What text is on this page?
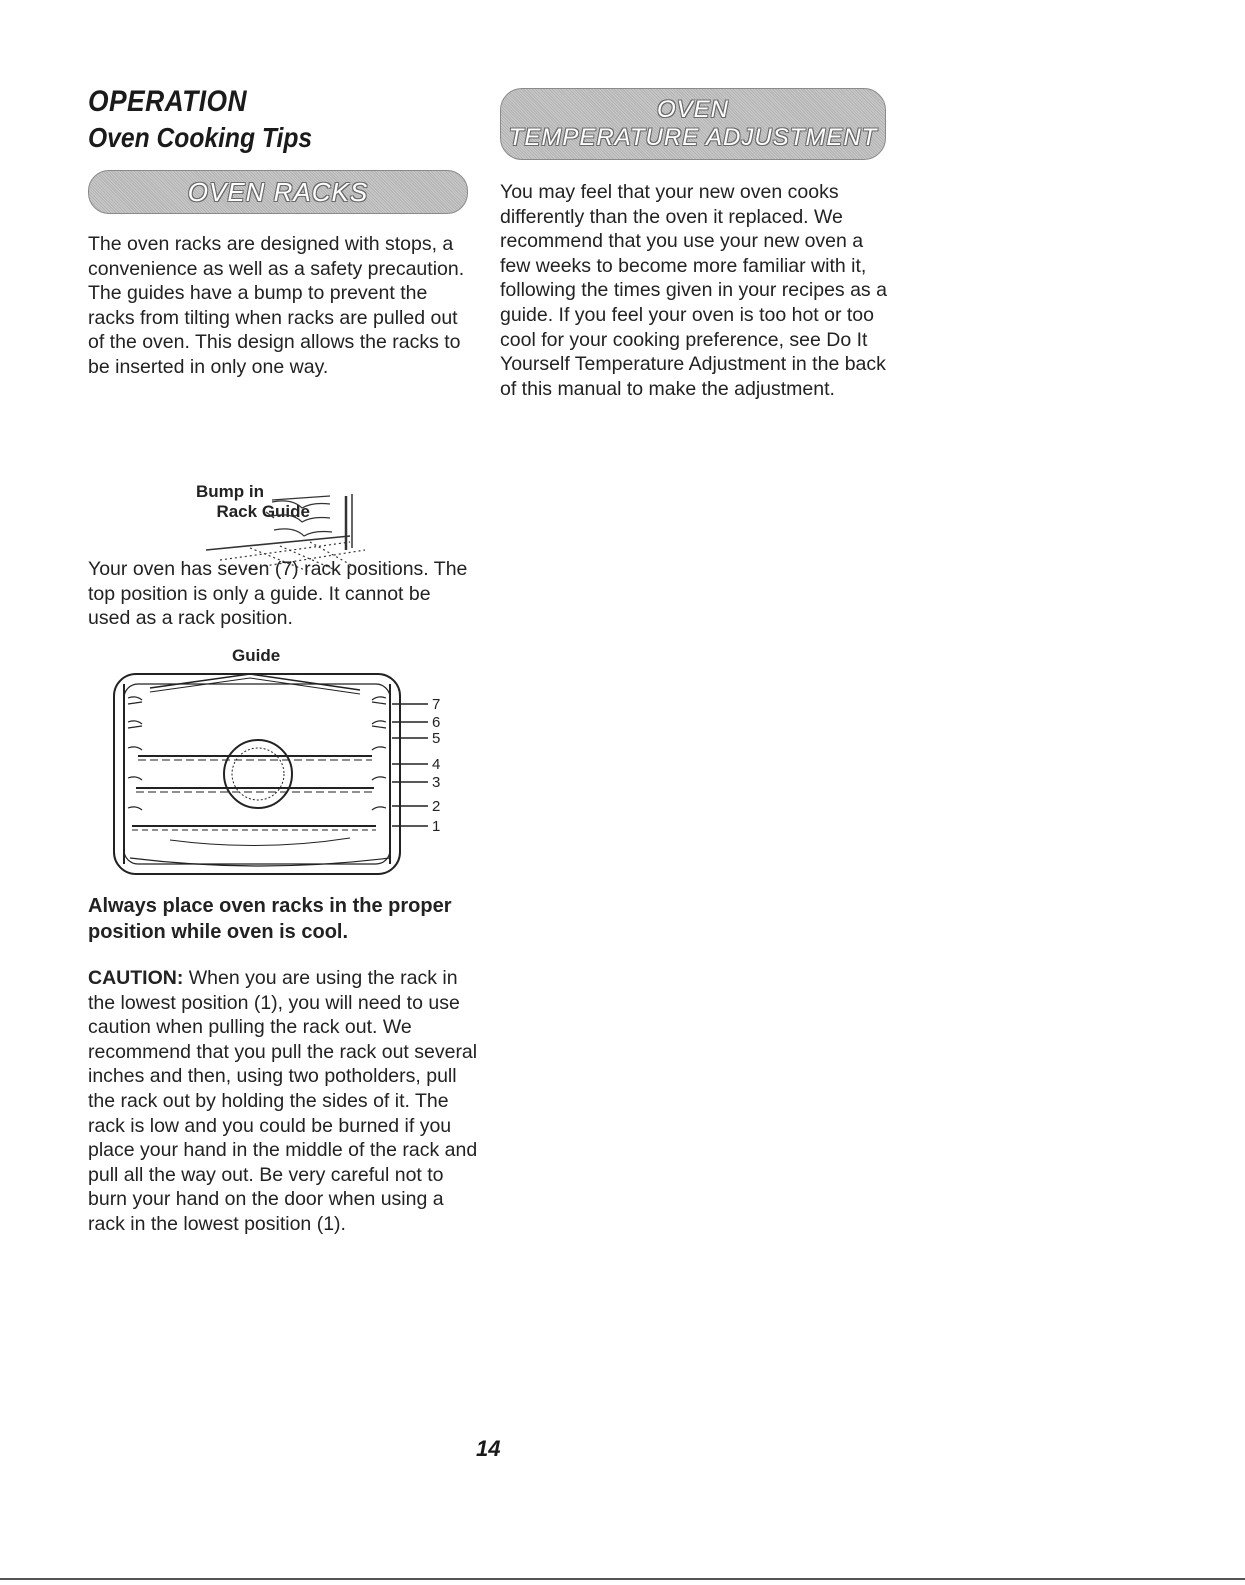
OPERATION
Oven Cooking Tips
OVEN RACKS

The oven racks are designed with stops, a convenience as well as a safety precaution. The guides have a bump to prevent the racks from tilting when racks are pulled out of the oven. This design allows the racks to be inserted in only one way.

Bump in
Rack Guide

Your oven has seven (7) rack positions. The top position is only a guide. It cannot be used as a rack position.

Guide
7
6
5
4
3
2
1

Always place oven racks in the proper position while oven is cool.

CAUTION: When you are using the rack in the lowest position (1), you will need to use caution when pulling the rack out. We recommend that you pull the rack out several inches and then, using two potholders, pull the rack out by holding the sides of it. The rack is low and you could be burned if you place your hand in the middle of the rack and pull all the way out. Be very careful not to burn your hand on the door when using a rack in the lowest position (1).

OVEN
TEMPERATURE ADJUSTMENT

You may feel that your new oven cooks differently than the oven it replaced. We recommend that you use your new oven a few weeks to become more familiar with it, following the times given in your recipes as a guide. If you feel your oven is too hot or too cool for your cooking preference, see Do It Yourself Temperature Adjustment in the back of this manual to make the adjustment.

14
